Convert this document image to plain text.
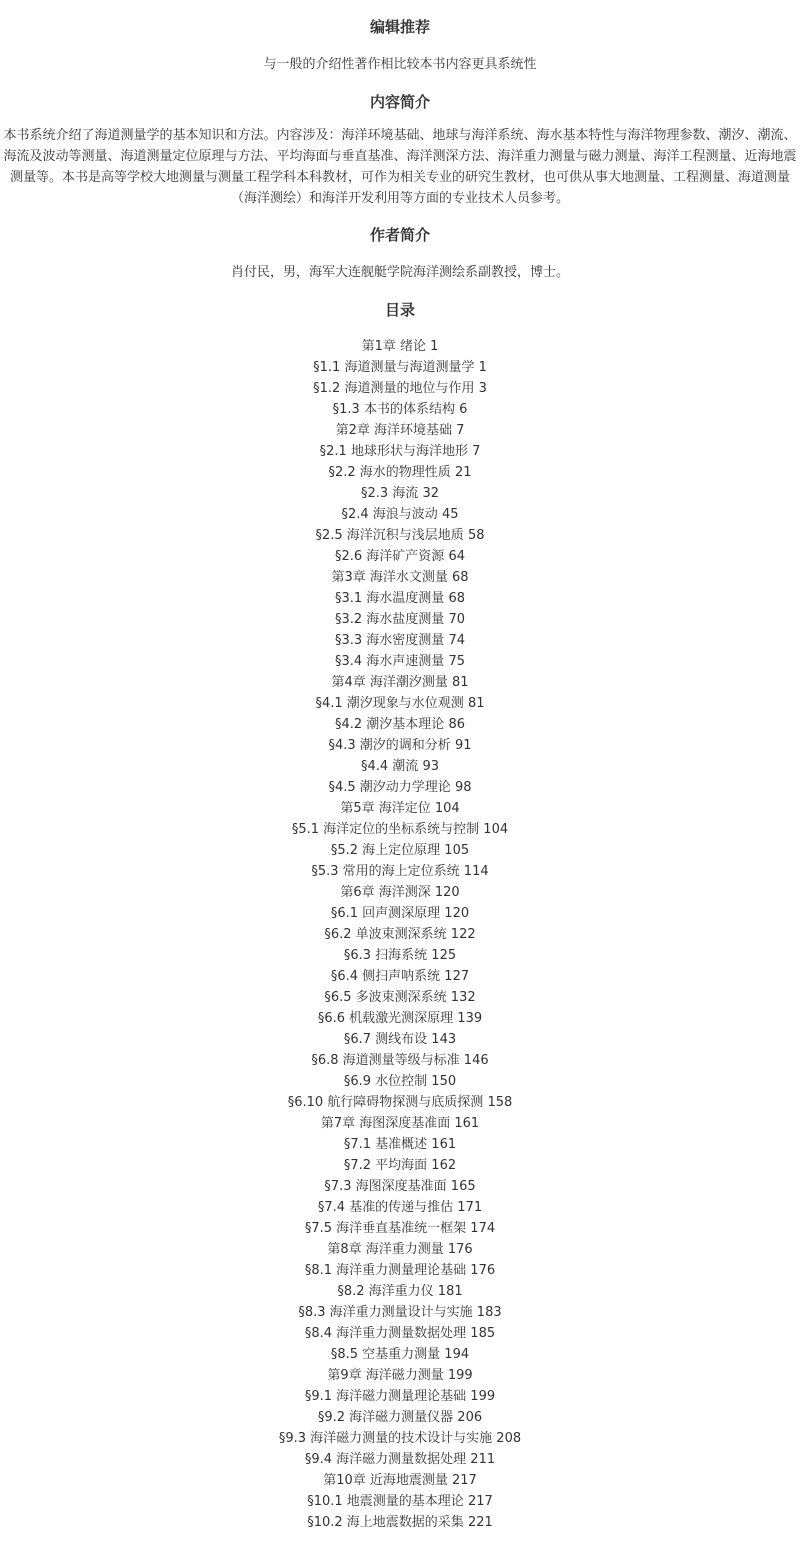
编辑推荐

与一般的介绍性著作相比较本书内容更具系统性

内容简介

本书系统介绍了海道测量学的基本知识和方法。内容涉及：海洋环境基础、地球与海洋系统、海水基本特性与海洋物理参数、潮汐、潮流、海流及波动等测量、海道测量定位原理与方法、平均海面与垂直基准、海洋测深方法、海洋重力测量与磁力测量、海洋工程测量、近海地震测量等。本书是高等学校大地测量与测量工程学科本科教材，可作为相关专业的研究生教材，也可供从事大地测量、工程测量、海道测量（海洋测绘）和海洋开发利用等方面的专业技术人员参考。

作者简介

肖付民，男，海军大连舰艇学院海洋测绘系副教授，博士。

目录
第1章 绪论 1
§1.1 海道测量与海道测量学 1
§1.2 海道测量的地位与作用 3
§1.3 本书的体系结构 6
第2章 海洋环境基础 7
§2.1 地球形状与海洋地形 7
§2.2 海水的物理性质 21
§2.3 海流 32
§2.4 海浪与波动 45
§2.5 海洋沉积与浅层地质 58
§2.6 海洋矿产资源 64
第3章 海洋水文测量 68
§3.1 海水温度测量 68
§3.2 海水盐度测量 70
§3.3 海水密度测量 74
§3.4 海水声速测量 75
第4章 海洋潮汐测量 81
§4.1 潮汐现象与水位观测 81
§4.2 潮汐基本理论 86
§4.3 潮汐的调和分析 91
§4.4 潮流 93
§4.5 潮汐动力学理论 98
第5章 海洋定位 104
§5.1 海洋定位的坐标系统与控制 104
§5.2 海上定位原理 105
§5.3 常用的海上定位系统 114
第6章 海洋测深 120
§6.1 回声测深原理 120
§6.2 单波束测深系统 122
§6.3 扫海系统 125
§6.4 侧扫声呐系统 127
§6.5 多波束测深系统 132
§6.6 机载激光测深原理 139
§6.7 测线布设 143
§6.8 海道测量等级与标准 146
§6.9 水位控制 150
§6.10 航行障碍物探测与底质探测 158
第7章 海图深度基准面 161
§7.1 基准概述 161
§7.2 平均海面 162
§7.3 海图深度基准面 165
§7.4 基准的传递与推估 171
§7.5 海洋垂直基准统一框架 174
第8章 海洋重力测量 176
§8.1 海洋重力测量理论基础 176
§8.2 海洋重力仪 181
§8.3 海洋重力测量设计与实施 183
§8.4 海洋重力测量数据处理 185
§8.5 空基重力测量 194
第9章 海洋磁力测量 199
§9.1 海洋磁力测量理论基础 199
§9.2 海洋磁力测量仪器 206
§9.3 海洋磁力测量的技术设计与实施 208
§9.4 海洋磁力测量数据处理 211
第10章 近海地震测量 217
§10.1 地震测量的基本理论 217
§10.2 海上地震数据的采集 221
